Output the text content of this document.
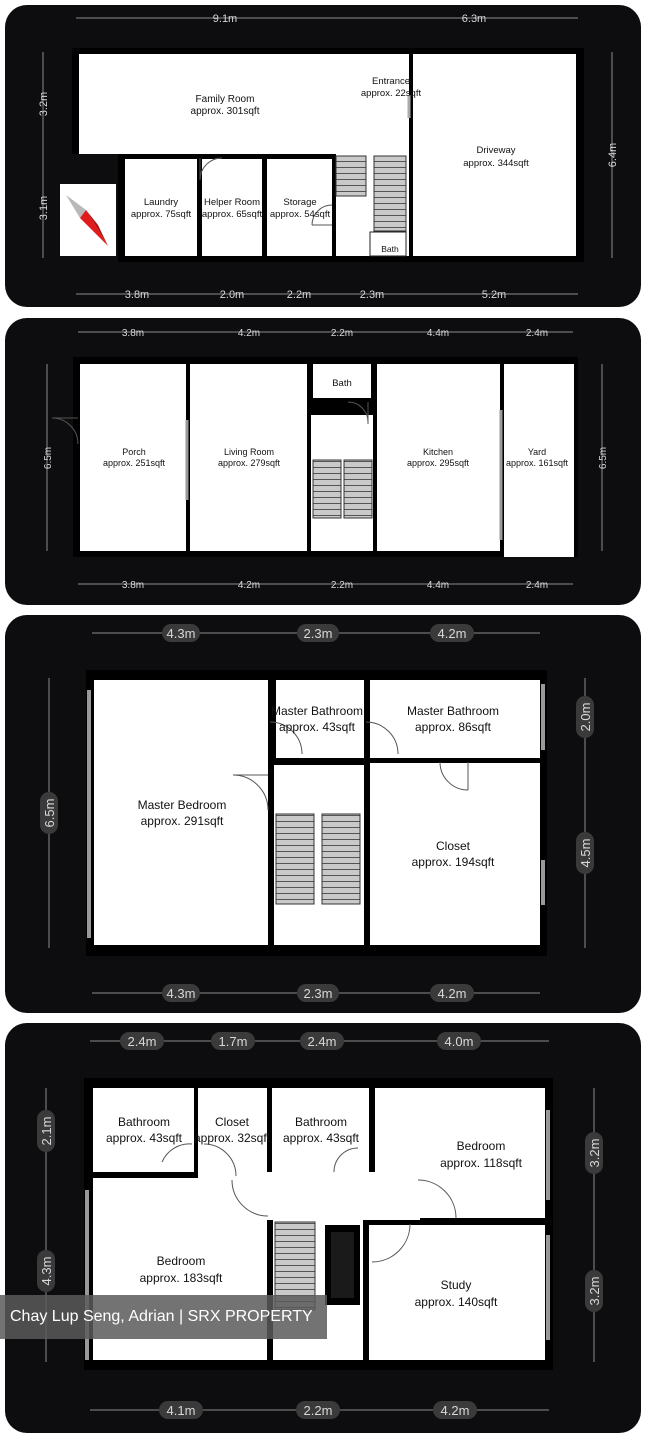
Family Room
approx. 301sqft
Entrance
approx. 22sqft
Driveway
approx. 344sqft
Laundry
approx. 75sqft
Helper Room
approx. 65sqft
Storage
approx. 54sqft
Bath
9.1m	6.3m
3.8m	2.0m	2.2m	2.3m	5.2m
3.2m
3.1m
6.4m
Porch
approx. 251sqft
Living Room
approx. 279sqft
Bath
Kitchen
approx. 295sqft
Yard
approx. 161sqft
3.8m	4.2m	2.2m	4.4m	2.4m
3.8m	4.2m	2.2m	4.4m	2.4m
6.5m	6.5m
Master Bathroom
approx. 43sqft
Master Bathroom
approx. 86sqft
Master Bedroom
approx. 291sqft
Closet
approx. 194sqft
4.3m	2.3m	4.2m
4.3m	2.3m	4.2m
6.5m
2.0m
4.5m
Bathroom
approx. 43sqft
Closet
approx. 32sqft
Bathroom
approx. 43sqft
Bedroom
approx. 118sqft
Bedroom
approx. 183sqft	Study
approx. 140sqft
2.4m	1.7m	2.4m	4.0m
4.1m	2.2m	4.2m
2.1m
4.3m
3.2m
3.2m
Chay Lup Seng, Adrian | SRX PROPERTY
